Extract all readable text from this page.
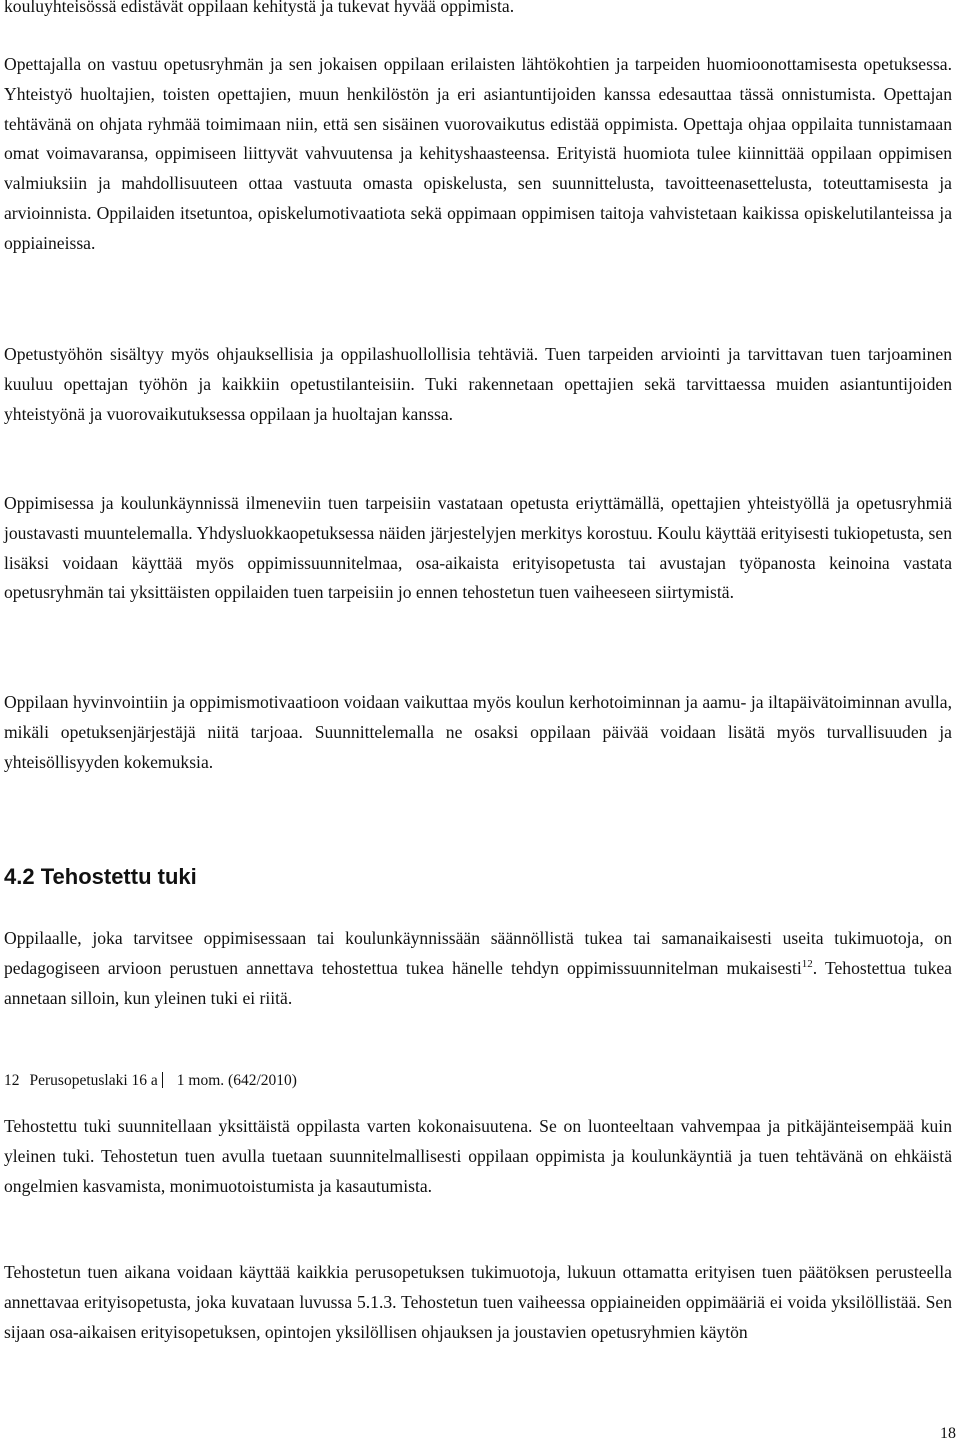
kouluyhteisössä edistävät oppilaan kehitystä ja tukevat hyvää oppimista.

Opettajalla on vastuu opetusryhmän ja sen jokaisen oppilaan erilaisten lähtökohtien ja tarpeiden huomioonottamisesta opetuksessa. Yhteistyö huoltajien, toisten opettajien, muun henkilöstön ja eri asiantuntijoiden kanssa edesauttaa tässä onnistumista. Opettajan tehtävänä on ohjata ryhmää toimimaan niin, että sen sisäinen vuorovaikutus edistää oppimista. Opettaja ohjaa oppilaita tunnistamaan omat voimavaransa, oppimiseen liittyvät vahvuutensa ja kehityshaasteensa. Erityistä huomiota tulee kiinnittää oppilaan oppimisen valmiuksiin ja mahdollisuuteen ottaa vastuuta omasta opiskelusta, sen suunnittelusta, tavoitteenasettelusta, toteuttamisesta ja arvioinnista. Oppilaiden itsetuntoa, opiskelumotivaatiota sekä oppimaan oppimisen taitoja vahvistetaan kaikissa opiskelutilanteissa ja oppiaineissa.

Opetustyöhön sisältyy myös ohjauksellisia ja oppilashuollollisia tehtäviä. Tuen tarpeiden arviointi ja tarvittavan tuen tarjoaminen kuuluu opettajan työhön ja kaikkiin opetustilanteisiin. Tuki rakennetaan opettajien sekä tarvittaessa muiden asiantuntijoiden yhteistyönä ja vuorovaikutuksessa oppilaan ja huoltajan kanssa.

Oppimisessa ja koulunkäynnissä ilmeneviin tuen tarpeisiin vastataan opetusta eriyttämällä, opettajien yhteistyöllä ja opetusryhmiä joustavasti muuntelemalla. Yhdysluokkaopetuksessa näiden järjestelyjen merkitys korostuu. Koulu käyttää erityisesti tukiopetusta, sen lisäksi voidaan käyttää myös oppimissuunnitelmaa, osa-aikaista erityisopetusta tai avustajan työpanosta keinoina vastata opetusryhmän tai yksittäisten oppilaiden tuen tarpeisiin jo ennen tehostetun tuen vaiheeseen siirtymistä.

Oppilaan hyvinvointiin ja oppimismotivaatioon voidaan vaikuttaa myös koulun kerhotoiminnan ja aamu- ja iltapäivätoiminnan avulla, mikäli opetuksenjärjestäjä niitä tarjoaa. Suunnittelemalla ne osaksi oppilaan päivää voidaan lisätä myös turvallisuuden ja yhteisöllisyyden kokemuksia.

4.2 Tehostettu tuki

Oppilaalle, joka tarvitsee oppimisessaan tai koulunkäynnissään säännöllistä tukea tai samanaikaisesti useita tukimuotoja, on pedagogiseen arvioon perustuen annettava tehostettua tukea hänelle tehdyn oppimissuunnitelman mukaisesti$^{12}$. Tehostettua tukea annetaan silloin, kun yleinen tuki ei riitä.

12 Perusopetuslaki 16 a 1 mom. (642/2010)

Tehostettu tuki suunnitellaan yksittäistä oppilasta varten kokonaisuutena. Se on luonteeltaan vahvempaa ja pitkäjänteisempää kuin yleinen tuki. Tehostetun tuen avulla tuetaan suunnitelmallisesti oppilaan oppimista ja koulunkäyntiä ja tuen tehtävänä on ehkäistä ongelmien kasvamista, monimuotoistumista ja kasautumista.

Tehostetun tuen aikana voidaan käyttää kaikkia perusopetuksen tukimuotoja, lukuun ottamatta erityisen tuen päätöksen perusteella annettavaa erityisopetusta, joka kuvataan luvussa 5.1.3. Tehostetun tuen vaiheessa oppiaineiden oppimääriä ei voida yksilöllistää. Sen sijaan osa-aikaisen erityisopetuksen, opintojen yksilöllisen ohjauksen ja joustavien opetusryhmien käytön

18
